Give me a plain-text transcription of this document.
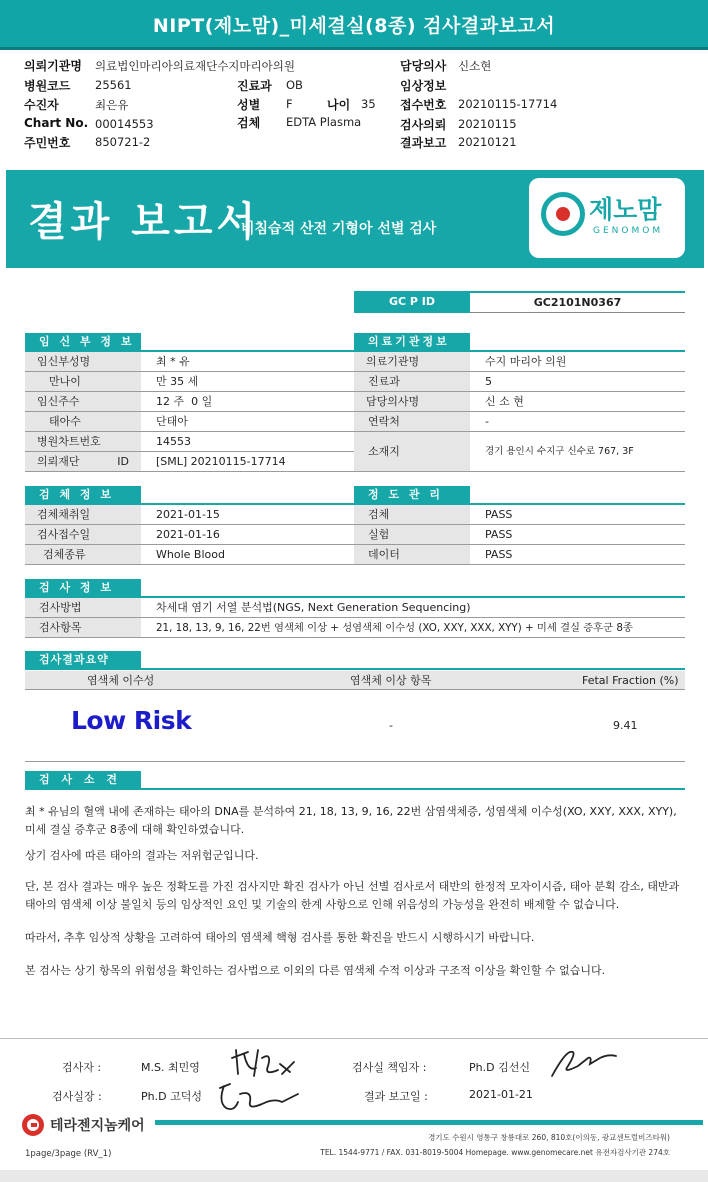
NIPT(제노맘)_미세결실(8종) 검사결과보고서
의뢰기관명 의료법인마리아의료재단수지마리아의원
병원코드 25561	진료과 OB
수진자	최은유	성별 F	나이 35
Chart No. 00014553	검체 EDTA Plasma
주민번호 850721-2
담당의사 신소현
임상정보
접수번호 20210115-17714
검사의뢰 20210115
결과보고 20210121
결과 보고서
비침습적 산전 기형아 선별 검사
제노맘
GENOMOM
GC P ID	GC2101N0367
임 신 부 정 보
임신부성명	최 * 유
만나이	만 35 세
임신주수	12 주  0 일
태아수	단태아
병원차트번호	14553
의뢰재단 ID	[SML] 20210115-17714
의료기관정보
의료기관명	수지 마리아 의원
진료과	5
담당의사명	신 소 현
연락처	-
소재지	경기 용인시 수지구 신수로 767, 3F
검 체 정 보
검체채취일	2021-01-15
검사접수일	2021-01-16
검체종류	Whole Blood
정 도 관 리
검체	PASS
실험	PASS
데이터	PASS
검 사 정 보
검사방법	차세대 염기 서열 분석법(NGS, Next Generation Sequencing)
검사항목	21, 18, 13, 9, 16, 22번 염색체 이상 + 성염색체 이수성 (XO, XXY, XXX, XYY) + 미세 결실 증후군 8종
검사결과요약
염색체 이수성	염색체 이상 항목	Fetal Fraction (%)
Low Risk	-	9.41
검 사 소 견
최 * 유님의 혈액 내에 존재하는 태아의 DNA를 분석하여 21, 18, 13, 9, 16, 22번 삼염색체증, 성염색체 이수성(XO, XXY, XXX, XYY), 미세 결실 증후군 8종에 대해 확인하였습니다.
상기 검사에 따른 태아의 결과는 저위험군입니다.
단, 본 검사 결과는 매우 높은 정확도를 가진 검사지만 확진 검사가 아닌 선별 검사로서 태반의 한정적 모자이시즘, 태아 분획 감소, 태반과 태아의 염색체 이상 불일치 등의 임상적인 요인 및 기술의 한계 사항으로 인해 위음성의 가능성을 완전히 배제할 수 없습니다.
따라서, 추후 임상적 상황을 고려하여 태아의 염색체 핵형 검사를 통한 확진을 반드시 시행하시기 바랍니다.
본 검사는 상기 항목의 위험성을 확인하는 검사법으로 이외의 다른 염색체 수적 이상과 구조적 이상을 확인할 수 없습니다.
검사자 :	M.S. 최민영	검사실 책임자 :	Ph.D 김선신
검사실장 :	Ph.D 고덕성	결과 보고일 :	2021-01-21
테라젠지놈케어
1page/3page (RV_1)
경기도 수원시 영통구 창룡대로 260, 810호(이의동, 광교센트럴비즈타워)
TEL. 1544-9771 / FAX. 031-8019-5004 Homepage. www.genomecare.net 유전자검사기관 274호
